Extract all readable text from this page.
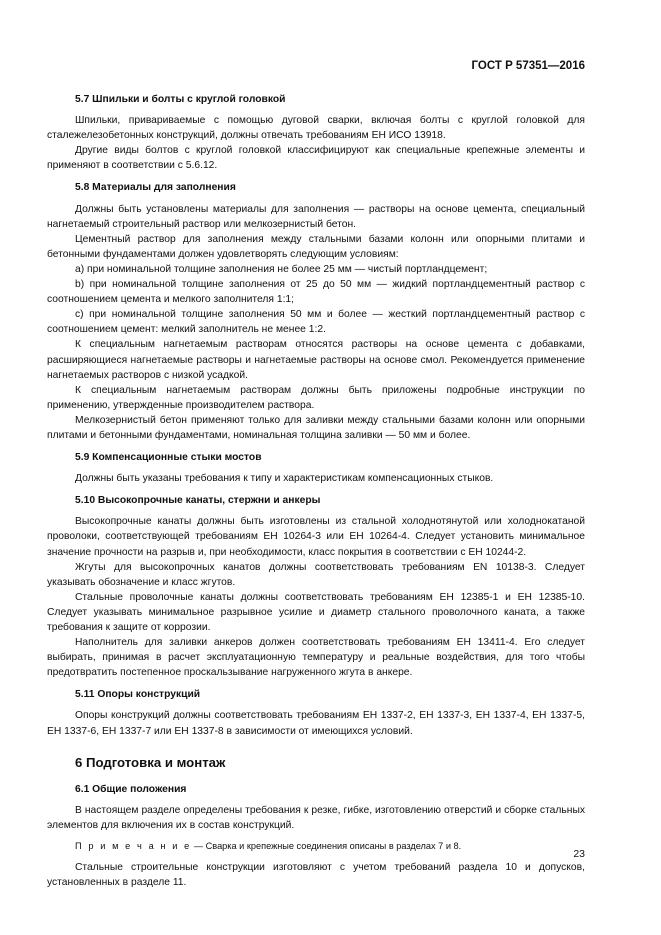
ГОСТ Р 57351—2016
5.7 Шпильки и болты с круглой головкой

Шпильки, привариваемые с помощью дуговой сварки, включая болты с круглой головкой для сталежелезобетонных конструкций, должны отвечать требованиям ЕН ИСО 13918.

Другие виды болтов с круглой головкой классифицируют как специальные крепежные элементы и применяют в соответствии с 5.6.12.

5.8 Материалы для заполнения

Должны быть установлены материалы для заполнения — растворы на основе цемента, специальный нагнетаемый строительный раствор или мелкозернистый бетон.

Цементный раствор для заполнения между стальными базами колонн или опорными плитами и бетонными фундаментами должен удовлетворять следующим условиям:

a) при номинальной толщине заполнения не более 25 мм — чистый портландцемент;

b) при номинальной толщине заполнения от 25 до 50 мм — жидкий портландцементный раствор с соотношением цемента и мелкого заполнителя 1:1;

c) при номинальной толщине заполнения 50 мм и более — жесткий портландцементный раствор с соотношением цемент: мелкий заполнитель не менее 1:2.

К специальным нагнетаемым растворам относятся растворы на основе цемента с добавками, расширяющиеся нагнетаемые растворы и нагнетаемые растворы на основе смол. Рекомендуется применение нагнетаемых растворов с низкой усадкой.

К специальным нагнетаемым растворам должны быть приложены подробные инструкции по применению, утвержденные производителем раствора.

Мелкозернистый бетон применяют только для заливки между стальными базами колонн или опорными плитами и бетонными фундаментами, номинальная толщина заливки — 50 мм и более.

5.9 Компенсационные стыки мостов

Должны быть указаны требования к типу и характеристикам компенсационных стыков.

5.10 Высокопрочные канаты, стержни и анкеры

Высокопрочные канаты должны быть изготовлены из стальной холоднотянутой или холоднокатаной проволоки, соответствующей требованиям ЕН 10264-3 или ЕН 10264-4. Следует установить минимальное значение прочности на разрыв и, при необходимости, класс покрытия в соответствии с ЕН 10244-2.

Жгуты для высокопрочных канатов должны соответствовать требованиям EN 10138-3. Следует указывать обозначение и класс жгутов.

Стальные проволочные канаты должны соответствовать требованиям ЕН 12385-1 и ЕН 12385-10. Следует указывать минимальное разрывное усилие и диаметр стального проволочного каната, а также требования к защите от коррозии.

Наполнитель для заливки анкеров должен соответствовать требованиям ЕН 13411-4. Его следует выбирать, принимая в расчет эксплуатационную температуру и реальные воздействия, для того чтобы предотвратить постепенное проскальзывание нагруженного жгута в анкере.

5.11 Опоры конструкций

Опоры конструкций должны соответствовать требованиям ЕН 1337-2, ЕН 1337-3, ЕН 1337-4, ЕН 1337-5, ЕН 1337-6, ЕН 1337-7 или ЕН 1337-8 в зависимости от имеющихся условий.

6 Подготовка и монтаж
6.1 Общие положения

В настоящем разделе определены требования к резке, гибке, изготовлению отверстий и сборке стальных элементов для включения их в состав конструкций.

П р и м е ч а н и е — Сварка и крепежные соединения описаны в разделах 7 и 8.

Стальные строительные конструкции изготовляют с учетом требований раздела 10 и допусков, установленных в разделе 11.

23
